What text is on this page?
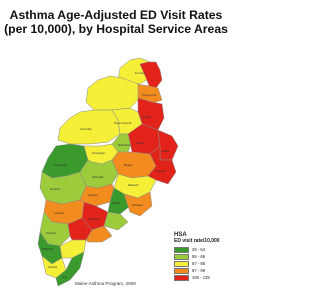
Asthma Age-Adjusted ED Visit Rates
(per 10,000), by Hospital Service Areas
Fort Kent
Presque Isle
Houlton
Greenville
Dover-Foxcroft
Millinocket
Lincoln
Bangor
Calais
Machias
Ellsworth
Skowhegan
Waterville
Farmington
Rumford
Lewiston
Augusta
Belfast
Rockland
Brunswick
Portland
Biddeford
Sanford
York
HSA
ED visit rate/10,000
26 - 54
55 - 66
67 - 86
87 - 99
100 - 139
Maine Asthma Program, 2009
